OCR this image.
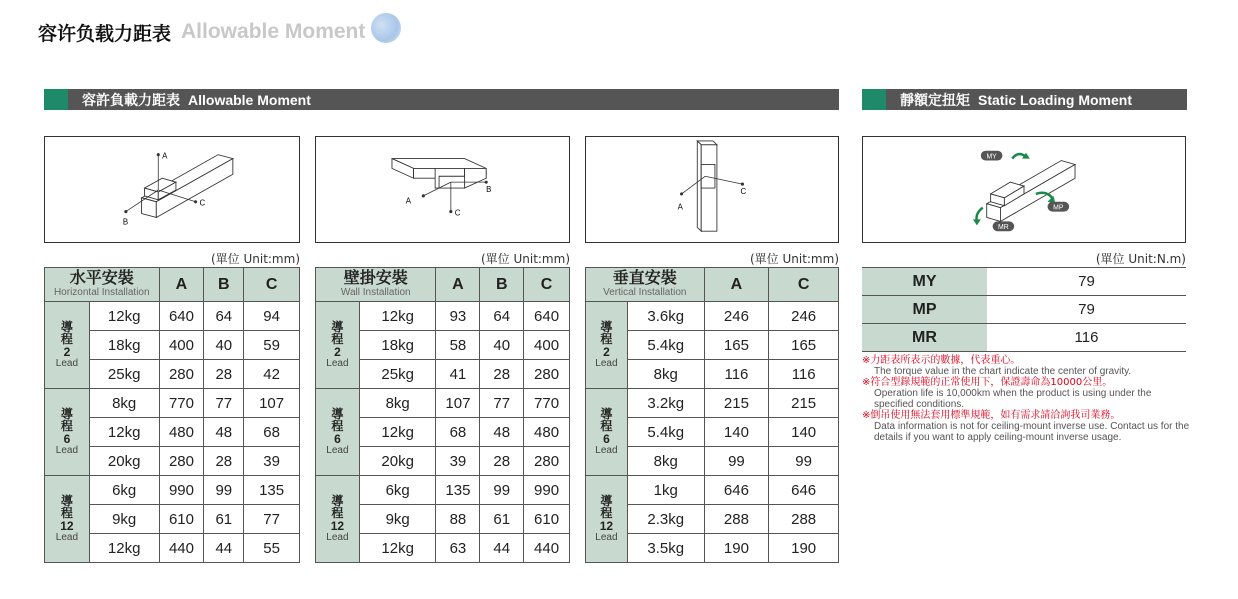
容许负载力距表 Allowable Moment
容許負載力距表 Allowable Moment	靜額定扭矩 Static Loading Moment
A
C
B
A
B
C
A
C
MY
MP
MR
(單位 Unit:mm)	(單位 Unit:mm)	(單位 Unit:mm)	(單位 Unit:N.m)
水平安裝
Horizontal Installation		A	B	C

導
程
2
Lead	12kg	640	64	94
	18kg	400	40	59
	25kg	280	28	42

導
程
6
Lead	8kg	770	77	107
	12kg	480	48	68
	20kg	280	28	39

導
程
12
Lead	6kg	990	99	135
	9kg	610	61	77
	12kg	440	44	55
壁掛安裝
Wall Installation		A	B	C

導
程
2
Lead	12kg	93	64	640
	18kg	58	40	400
	25kg	41	28	280

導
程
6
Lead	8kg	107	77	770
	12kg	68	48	480
	20kg	39	28	280

導
程
12
Lead	6kg	135	99	990
	9kg	88	61	610
	12kg	63	44	440
垂直安裝
Vertical Installation		A	C

導
程
2
Lead	3.6kg	246	246
	5.4kg	165	165
	8kg	116	116

導
程
6
Lead	3.2kg	215	215
	5.4kg	140	140
	8kg	99	99

導
程
12
Lead	1kg	646	646
	2.3kg	288	288
	3.5kg	190	190
MY	79
MP	79
MR	116
※力距表所表示的數據，代表重心。
The torque value in the chart indicate the center of gravity.
※符合型錄規範的正常使用下，保證壽命為10000公里。
Operation life is 10,000km when the product is using under the specified conditions.
※倒吊使用無法套用標準規範，如有需求請洽詢我司業務。
Data information is not for ceiling-mount inverse use. Contact us for the details if you want to apply ceiling-mount inverse usage.
